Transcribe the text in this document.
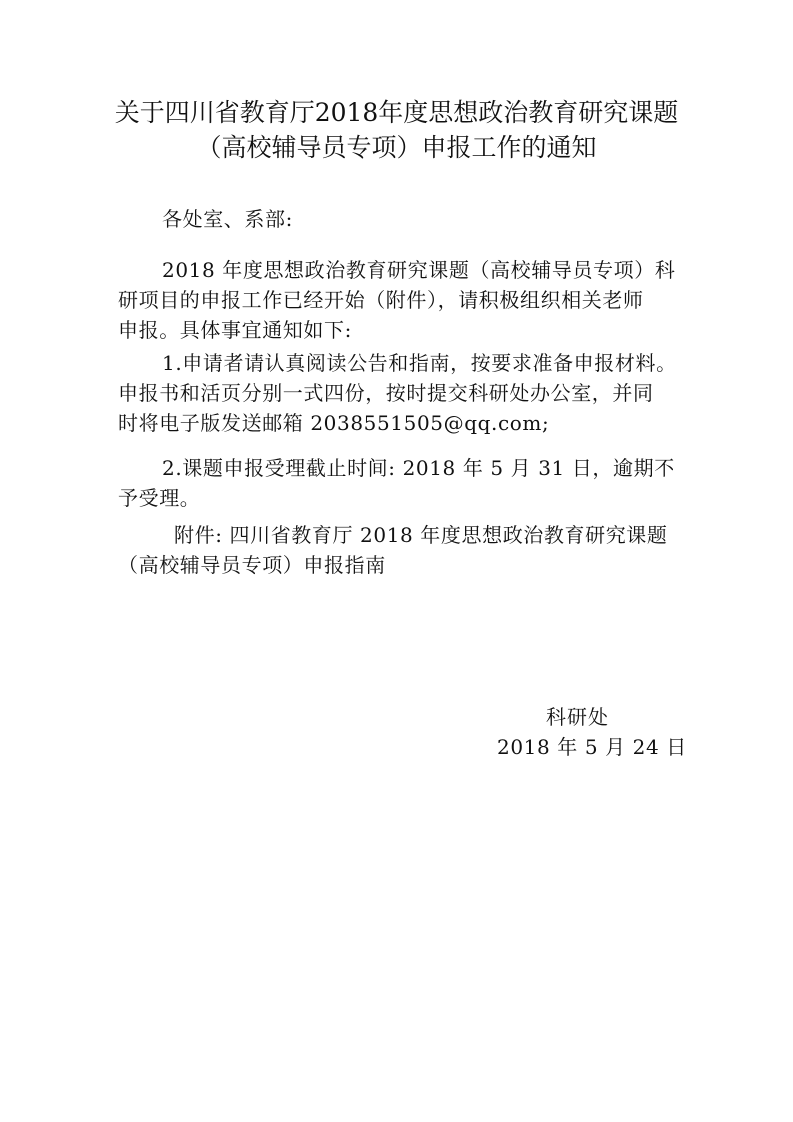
关于四川省教育厅2018年度思想政治教育研究课题
（高校辅导员专项）申报工作的通知
各处室、系部:
2018 年度思想政治教育研究课题（高校辅导员专项）科
研项目的申报工作已经开始（附件），请积极组织相关老师
申报。具体事宜通知如下:
1.申请者请认真阅读公告和指南，按要求准备申报材料。
申报书和活页分别一式四份，按时提交科研处办公室，并同
时将电子版发送邮箱 2038551505@qq.com;
2.课题申报受理截止时间: 2018 年 5 月 31 日，逾期不
予受理。
附件: 四川省教育厅 2018 年度思想政治教育研究课题
（高校辅导员专项）申报指南
科研处
2018 年 5 月 24 日
